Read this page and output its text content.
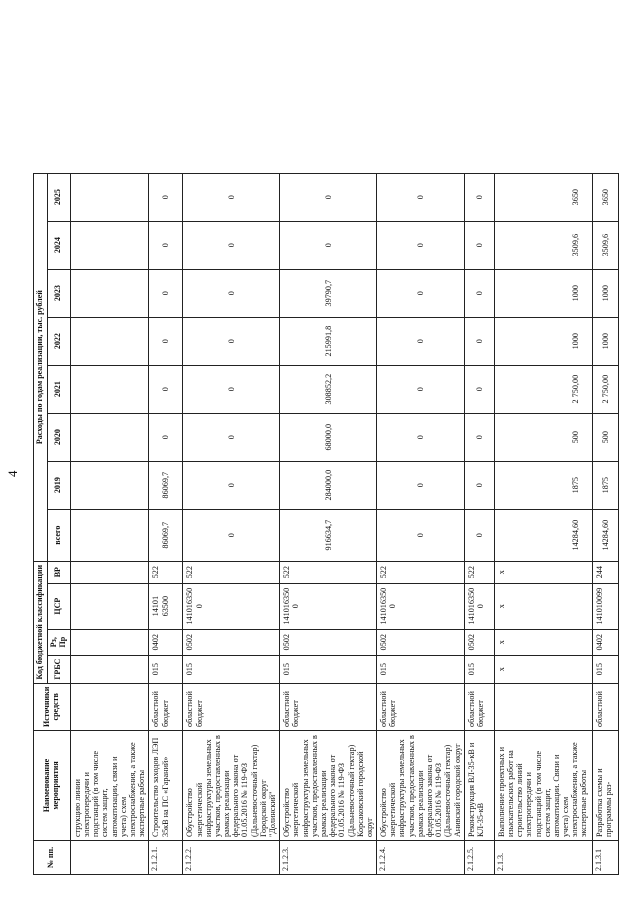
4
№ пп.	Наименование мероприятия	Источники средств	Код бюджетной классификации				Расходы по годам реализации, тыс. рублей							
			ГРБС	Рз, Пр	ЦСР	ВР	всего	2019	2020	2021	2022	2023	2024	2025
	струкцию линии электропередачи и подстанций (в том числе систем защит, автоматизации, связи и учета) схем электроснабжения, а также экспертные работы													
2.1.2.1.	Строительство заходов ЛЭП 35кВ на ПС «Гараний»	областной бюджет	015	0402	14101 63500	522	86069,7	86069,7	0	0	0	0	0	0
2.1.2.2.	Обустройство энергетической инфраструктуры земельных участков, предоставленных в рамках реализации федерального закона от 01.05.2016 № 119-ФЗ (Дальневосточный гектар) Городской округ "Долинский"	областной бюджет	015	0502	141016350 0	522	0	0	0	0	0	0	0	0
2.1.2.3.	Обустройство энергетической инфраструктуры земельных участков, предоставленных в рамках реализации федерального закона от 01.05.2016 № 119-ФЗ (Дальневосточный гектар) Корсаковский городской округ	областной бюджет	015	0502	141016350 0	522	916634,7	284000,0	68000,0	308852,2	215991,8	39790,7	0	0
2.1.2.4.	Обустройство энергетической инфраструктуры земельных участков, предоставленных в рамках реализации федерального закона от 01.05.2016 № 119-ФЗ (Дальневосточный гектар) Анивский городской округ	областной бюджет	015	0502	141016350 0	522	0	0	0	0	0	0	0	0
2.1.2.5.	Реконструкция ВЛ-35-кВ и КЛ-35-кВ	областной бюджет	015	0502	141016350 0	522	0	0	0	0	0	0	0	0
2.1.3.	Выполнение проектных и изыскательских работ на строительство линий электропередачи и подстанций (в том числе систем защит, автоматизации. Связи и учета) схем электроснабжения, а также экспертные работы		х	х	х	х	14284,60	1875	500	2 750,00	1000	1000	3509,6	3650
2.1.3.1	Разработка схемы и программы раз-	областной	015	0402	141010099	244	14284,60	1875	500	2 750,00	1000	1000	3509,6	3650
